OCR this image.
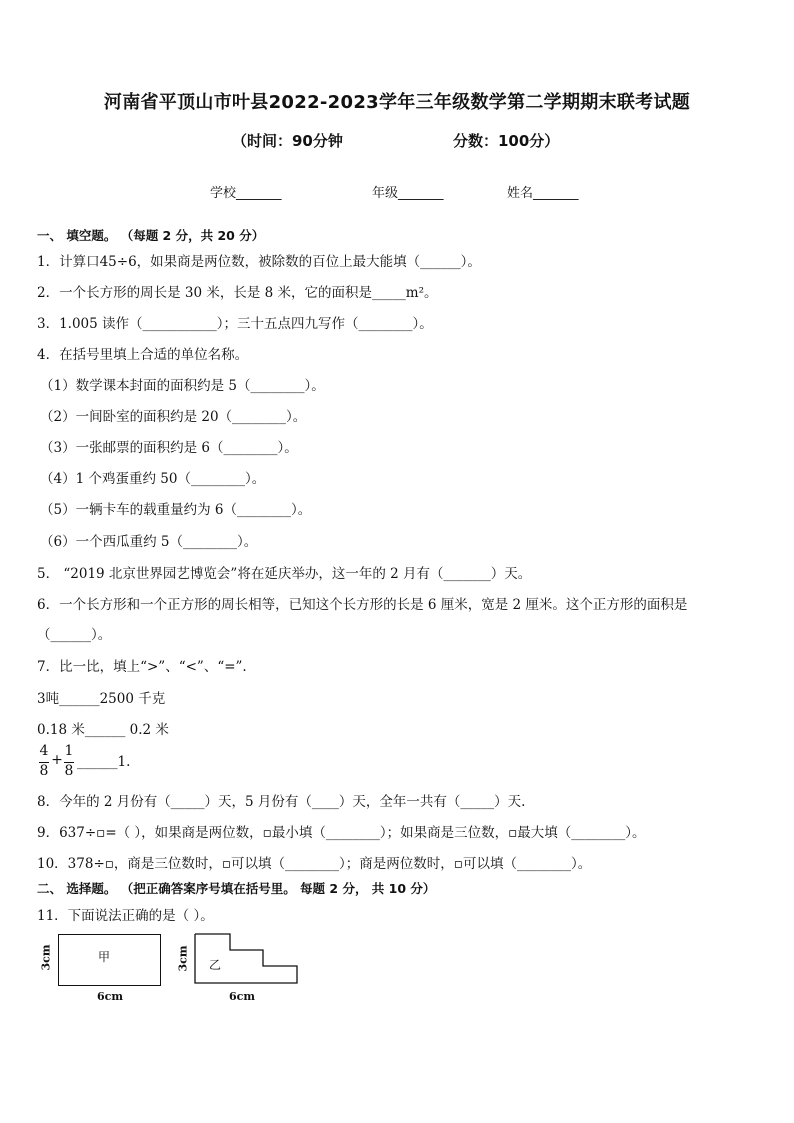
河南省平顶山市叶县2022-2023学年三年级数学第二学期期末联考试题
（时间：90分钟	分数：100分）
学校_______	年级_______	姓名_______
一、 填空题。 （每题 2 分，共 20 分）
1．计算口45÷6，如果商是两位数，被除数的百位上最大能填（______）。
2．一个长方形的周长是 30 米，长是 8 米，它的面积是_____m²。
3．1.005 读作（___________）；三十五点四九写作（________）。
4．在括号里填上合适的单位名称。
（1）数学课本封面的面积约是 5（________）。
（2）一间卧室的面积约是 20（________）。
（3）一张邮票的面积约是 6（________）。
（4）1 个鸡蛋重约 50（________）。
（5）一辆卡车的载重量约为 6（________）。
（6）一个西瓜重约 5（________）。
5． “2019 北京世界园艺博览会”将在延庆举办，这一年的 2 月有（_______）天。
6．一个长方形和一个正方形的周长相等，已知这个长方形的长是 6 厘米，宽是 2 厘米。这个正方形的面积是
（______）。
7．比一比，填上“>”、“<”、“=”.
3吨______2500 千克
0.18 米______ 0.2 米
4
8
+
1
8
______1.
8．今年的 2 月份有（_____）天，5 月份有（____）天，全年一共有（_____）天.
9．637÷▫=（ ），如果商是两位数，▫最小填（________）；如果商是三位数，▫最大填（________）。
10．378÷▫，商是三位数时，▫可以填（________）；商是两位数时，▫可以填（________）。
二、 选择题。 （把正确答案序号填在括号里。 每题 2 分， 共 10 分）
11．下面说法正确的是（ ）。
甲
3cm
6cm
乙
3cm
6cm
